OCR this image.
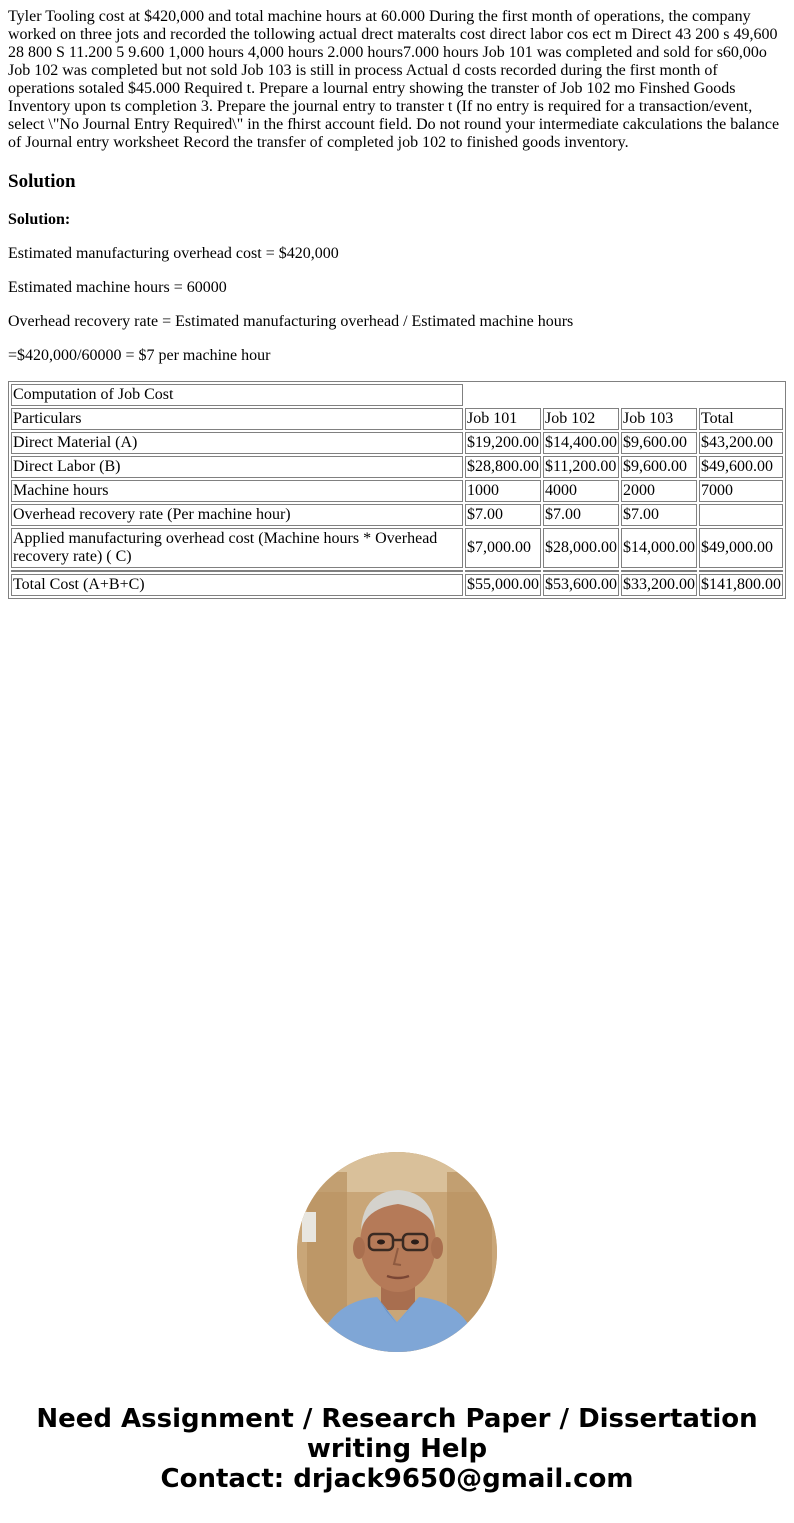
Tyler Tooling cost at $420,000 and total machine hours at 60.000 During the first month of operations, the company worked on three jots and recorded the tollowing actual drect materalts cost direct labor cos ect m Direct 43 200 s 49,600 28 800 S 11.200 5 9.600 1,000 hours 4,000 hours 2.000 hours7.000 hours Job 101 was completed and sold for s60,00o Job 102 was completed but not sold Job 103 is still in process Actual d costs recorded during the first month of operations sotaled $45.000 Required t. Prepare a lournal entry showing the transter of Job 102 mo Finshed Goods Inventory upon ts completion 3. Prepare the journal entry to transter t (If no entry is required for a transaction/event, select \"No Journal Entry Required\" in the fhirst account field. Do not round your intermediate cakculations the balance of Journal entry worksheet Record the transfer of completed job 102 to finished goods inventory.
Solution

Solution:

Estimated manufacturing overhead cost = $420,000

Estimated machine hours = 60000

Overhead recovery rate = Estimated manufacturing overhead / Estimated machine hours

=$420,000/60000 = $7 per machine hour

Computation of Job Cost				
Particulars	Job 101	Job 102	Job 103	Total
Direct Material (A)	$19,200.00	$14,400.00	$9,600.00	$43,200.00
Direct Labor (B)	$28,800.00	$11,200.00	$9,600.00	$49,600.00
Machine hours	1000	4000	2000	7000
Overhead recovery rate (Per machine hour)	$7.00	$7.00	$7.00	
Applied manufacturing overhead cost (Machine hours * Overhead recovery rate) ( C)	$7,000.00	$28,000.00	$14,000.00	$49,000.00

Total Cost (A+B+C)	$55,000.00	$53,600.00	$33,200.00	$141,800.00
Need Assignment / Research Paper / Dissertation writing Help
Contact: drjack9650@gmail.com
